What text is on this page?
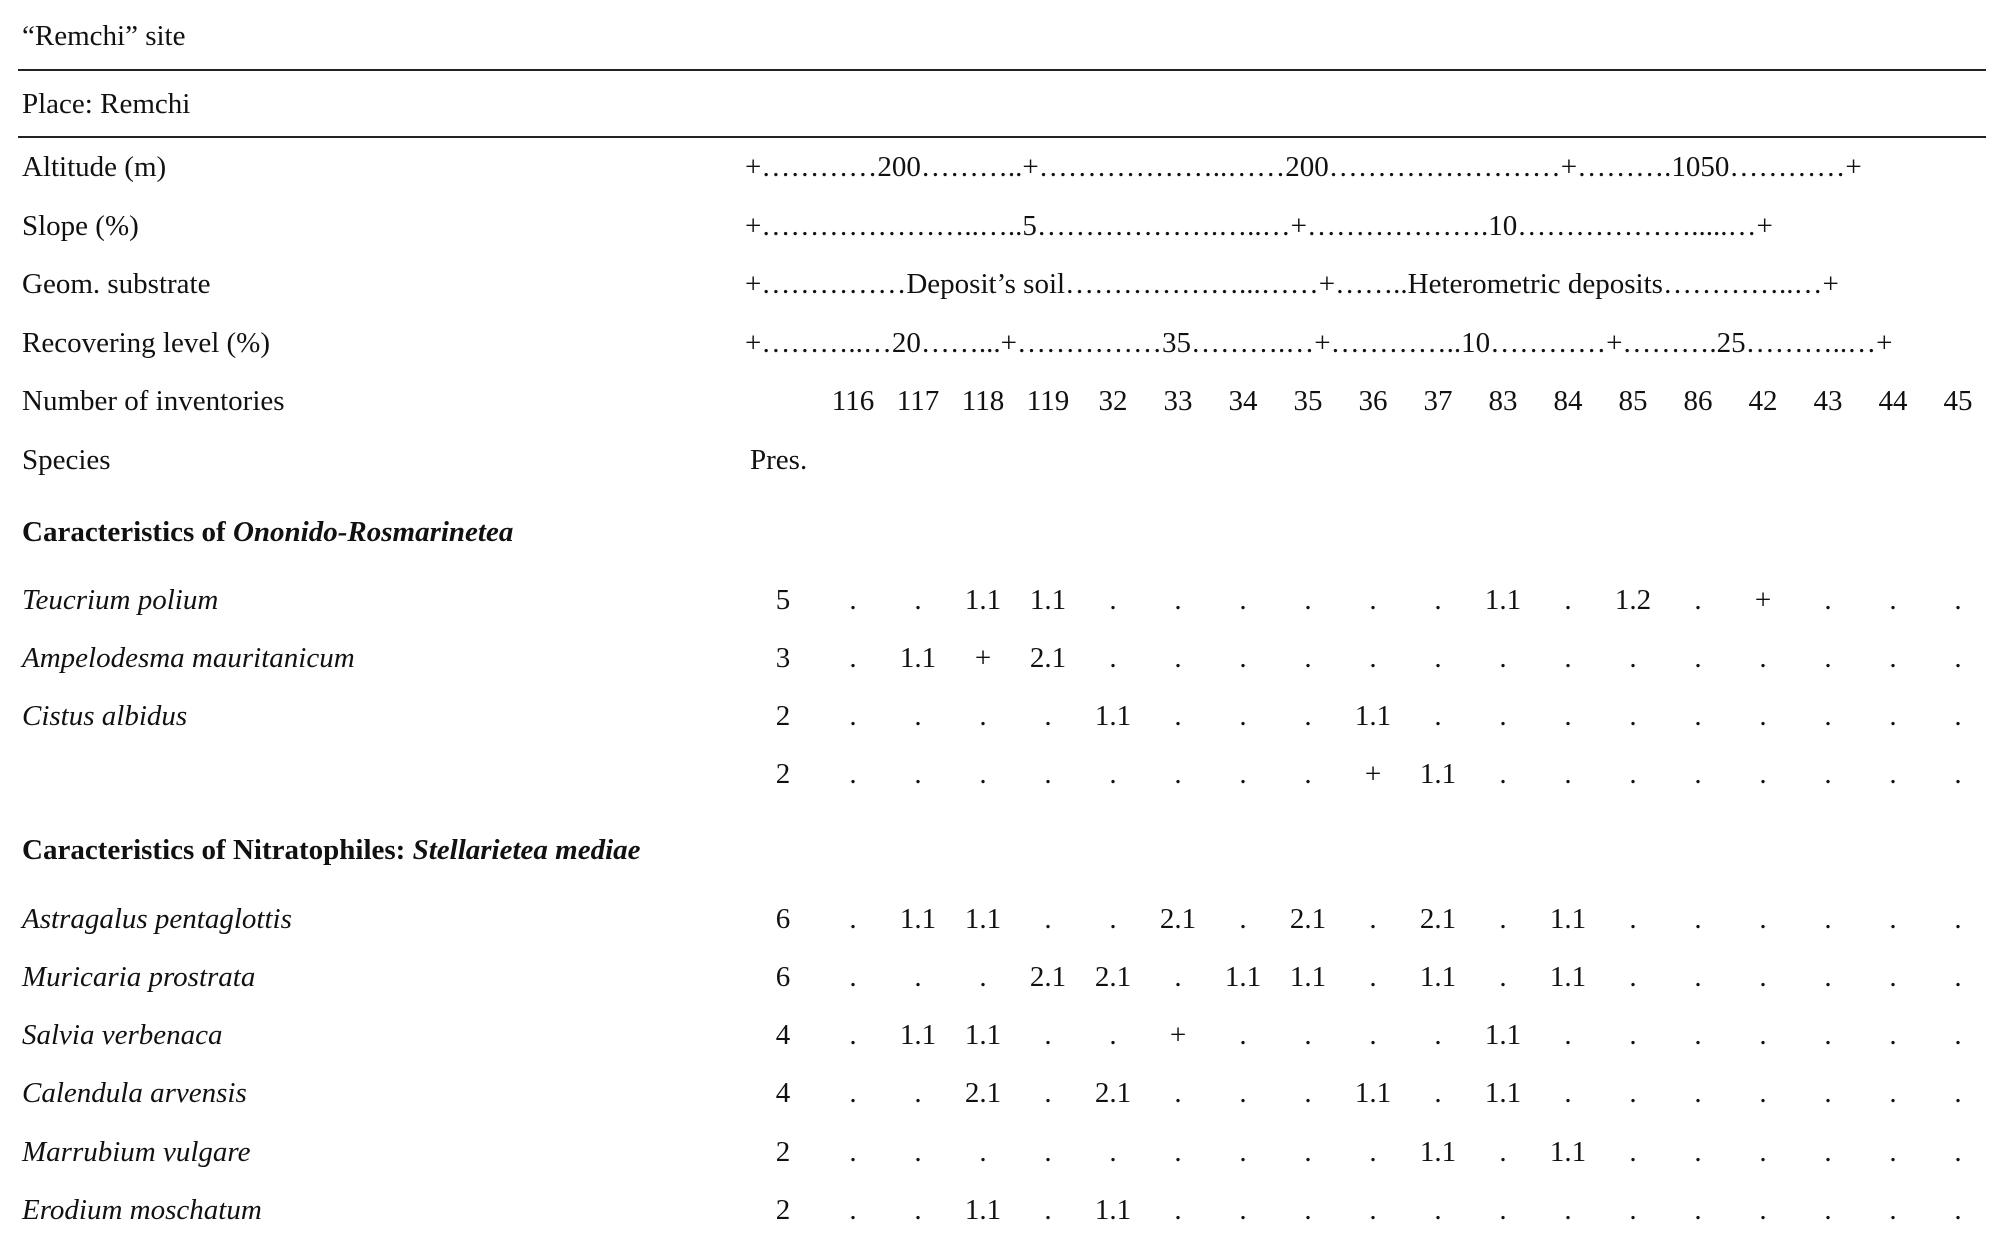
“Remchi” site
Place: Remchi
Altitude (m)	+…………200………..+………………..……200……………………+……….1050…………+
Slope (%)	+…………………..…..5……………….…..…+……………….10……………….....…+
Geom. substrate	+……………Deposit’s soil………………...……+……..Heterometric deposits…………..…+
Recovering level (%)	+………..…20……...+……………35……….…+…………..10…………+……….25………..…+
Number of inventories	116 117 118 119	32	33	34	35	36	37	83	84	85	86	42	43	44	45
Species	Pres.
Caracteristics of Ononido-Rosmarinetea
Teucrium polium	5	.	.	1.1 1.1	.	.	.	.	.	.	1.1	.	1.2	.	+	.	.	.
Ampelodesma mauritanicum	3	.	1.1	+	2.1	.	.	.	.	.	.	.	.	.	.	.	.	.	.
Cistus albidus	2	.	.	.	.	1.1	.	.	.	1.1	.	.	.	.	.	.	.	.	.
2	.	.	.	.	.	.	.	.	+	1.1	.	.	.	.	.	.	.	.
Caracteristics of Nitratophiles: Stellarietea mediae
Astragalus pentaglottis	6	.	1.1 1.1	.	.	2.1	.	2.1	.	2.1	.	1.1	.	.	.	.	.	.
Muricaria prostrata	6	.	.	.	2.1 2.1	.	1.1 1.1	.	1.1	.	1.1	.	.	.	.	.	.
Salvia verbenaca	4	.	1.1 1.1	.	.	+	.	.	.	.	1.1	.	.	.	.	.	.	.
Calendula arvensis	4	.	.	2.1	.	2.1	.	.	.	1.1	.	1.1	.	.	.	.	.	.	.
Marrubium vulgare	2	.	.	.	.	.	.	.	.	.	1.1	.	1.1	.	.	.	.	.	.
Erodium moschatum	2	.	.	1.1	.	1.1	.	.	.	.	.	.	.	.	.	.	.	.	.
